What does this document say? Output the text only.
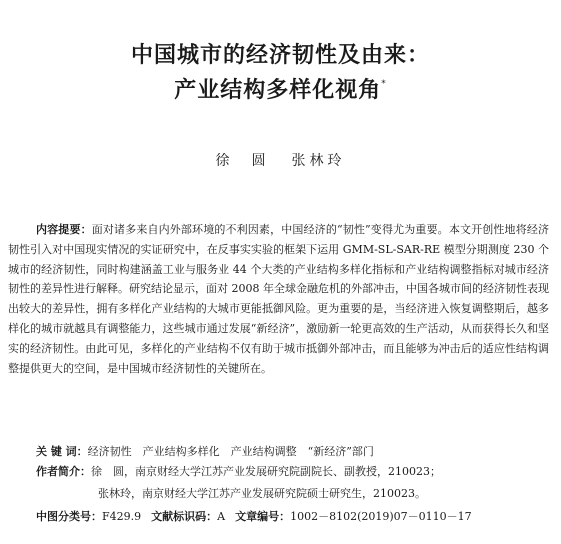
中国城市的经济韧性及由来：
产业结构多样化视角*
徐　圆 张林玲

内容提要：面对诸多来自内外部环境的不利因素，中国经济的“韧性”变得尤为重要。本文开创性地将经济韧性引入对中国现实情况的实证研究中，在反事实实验的框架下运用 GMM-SL-SAR-RE 模型分期测度 230 个城市的经济韧性，同时构建涵盖工业与服务业 44 个大类的产业结构多样化指标和产业结构调整指标对城市经济韧性的差异性进行解释。研究结论显示，面对 2008 年全球金融危机的外部冲击，中国各城市间的经济韧性表现出较大的差异性，拥有多样化产业结构的大城市更能抵御风险。更为重要的是，当经济进入恢复调整期后，越多样化的城市就越具有调整能力，这些城市通过发展“新经济”，激励新一轮更高效的生产活动，从而获得长久和坚实的经济韧性。由此可见，多样化的产业结构不仅有助于城市抵御外部冲击，而且能够为冲击后的适应性结构调整提供更大的空间，是中国城市经济韧性的关键所在。

关 键 词：经济韧性　产业结构多样化　产业结构调整　“新经济”部门
作者简介：徐　圆，南京财经大学江苏产业发展研究院副院长、副教授，210023；
张林玲，南京财经大学江苏产业发展研究院硕士研究生，210023。
中图分类号：F429.9 文献标识码：A 文章编号：1002－8102(2019)07－0110－17
